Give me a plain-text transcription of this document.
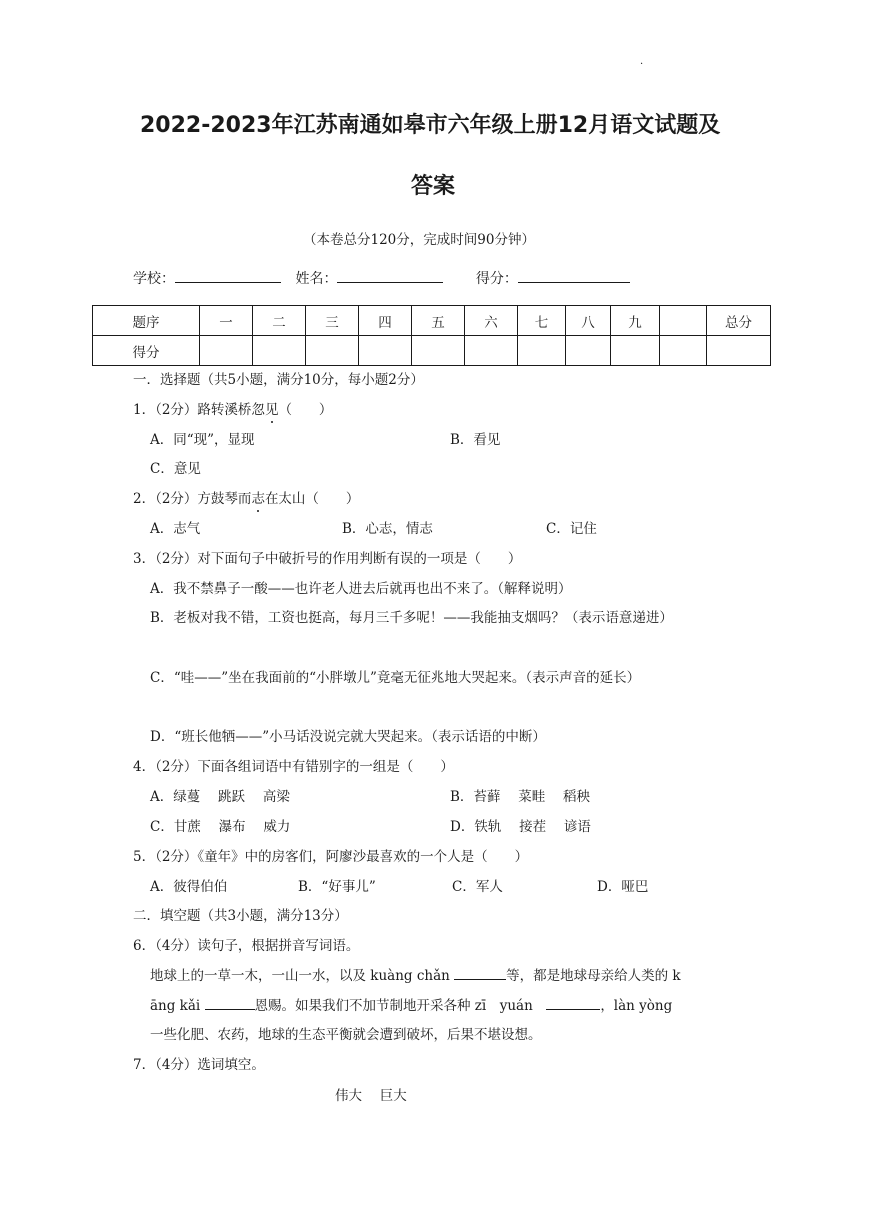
.
2022-2023年江苏南通如皋市六年级上册12月语文试题及
答案
（本卷总分120分，完成时间90分钟）
学校：	姓名：	得分：
题序	一	二	三	四	五	六	七	八	九		总分
得分											
一．选择题（共5小题，满分10分，每小题2分）
1．（2分）路转溪桥忽见（　　）
A．同“现”，显现	B．看见
C．意见
2．（2分）方鼓琴而志在太山（　　）
A．志气	B．心志，情志	C．记住
3．（2分）对下面句子中破折号的作用判断有误的一项是（　　）
A．我不禁鼻子一酸——也许老人进去后就再也出不来了。（解释说明）
B．老板对我不错，工资也挺高，每月三千多呢！——我能抽支烟吗？（表示语意递进）
C．“哇——”坐在我面前的“小胖墩儿”竟毫无征兆地大哭起来。（表示声音的延长）
D．“班长他牺——”小马话没说完就大哭起来。（表示话语的中断）
4．（2分）下面各组词语中有错别字的一组是（　　）
A．绿蔓　 跳跃　 高梁	B．苔藓　 菜畦　 稻秧
C．甘蔗　 瀑布　 威力	D．铁轨　 接茬　 谚语
5．（2分）《童年》中的房客们，阿廖沙最喜欢的一个人是（　　）
A．彼得伯伯	B．“好事儿”	C．军人	D．哑巴
二．填空题（共3小题，满分13分）
6．（4分）读句子，根据拼音写词语。
地球上的一草一木，一山一水，以及 kuàng chǎn	等，都是地球母亲给人类的 k
āng kǎi	恩赐。如果我们不加节制地开采各种 zī　yuán　	，làn yòng
一些化肥、农药，地球的生态平衡就会遭到破坏，后果不堪设想。
7．（4分）选词填空。
伟大　 巨大
